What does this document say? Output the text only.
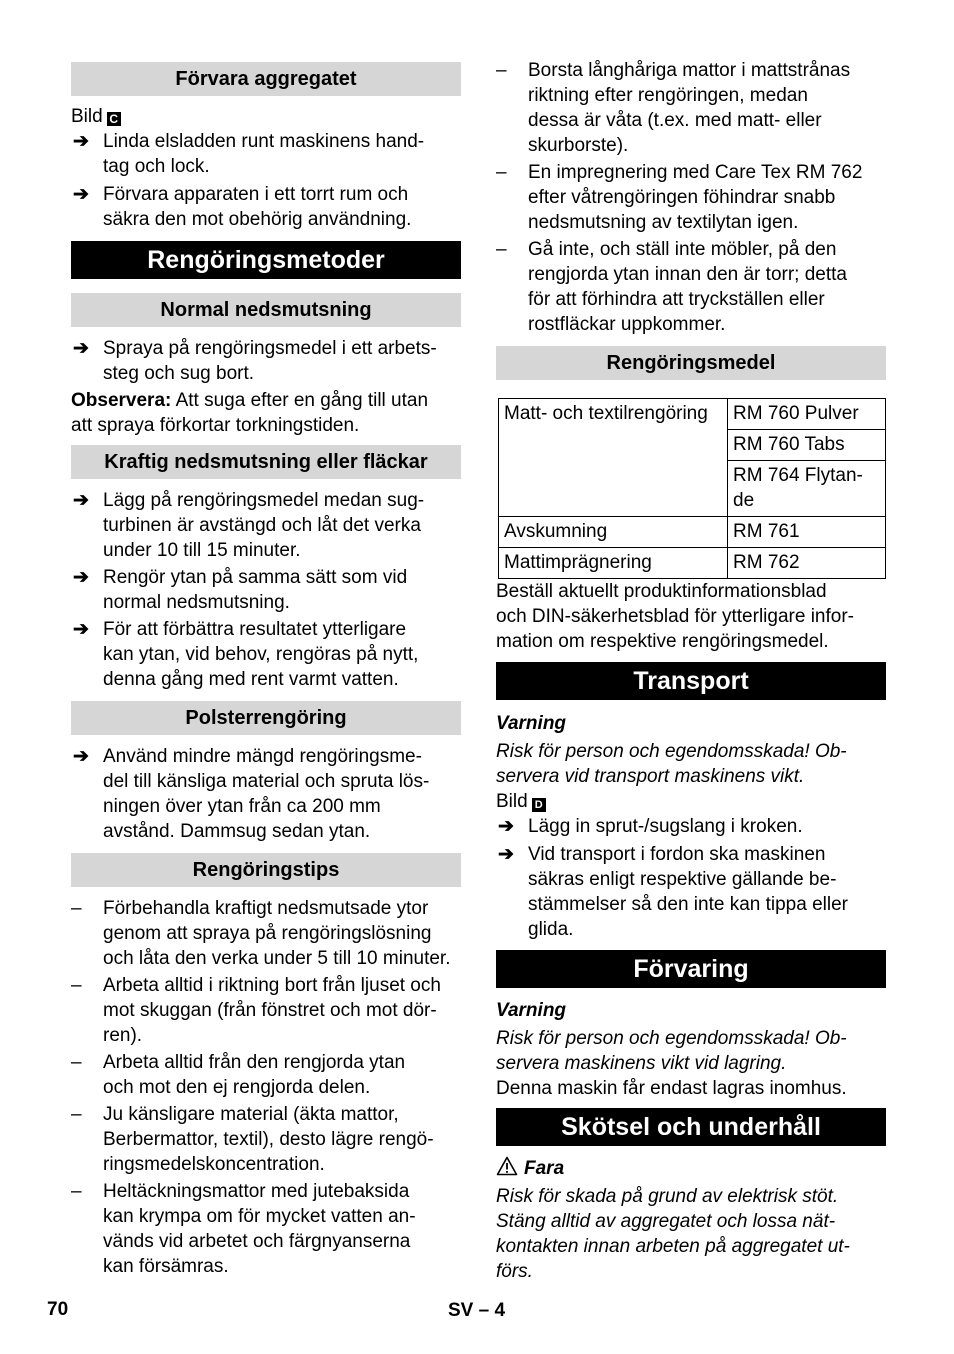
Förvara aggregatet

Bild C

➔ Linda elsladden runt maskinens hand-
tag och lock.
➔ Förvara apparaten i ett torrt rum och
säkra den mot obehörig användning.
Rengöringsmetoder
Normal nedsmutsning
➔ Spraya på rengöringsmedel i ett arbets-
steg och sug bort.

Observera: Att suga efter en gång till utan
att spraya förkortar torkningstiden.

Kraftig nedsmutsning eller fläckar
➔ Lägg på rengöringsmedel medan sug-
turbinen är avstängd och låt det verka
under 10 till 15 minuter.
➔ Rengör ytan på samma sätt som vid
normal nedsmutsning.
➔ För att förbättra resultatet ytterligare
kan ytan, vid behov, rengöras på nytt,
denna gång med rent varmt vatten.
Polsterrengöring
➔ Använd mindre mängd rengöringsme-
del till känsliga material och spruta lös-
ningen över ytan från ca 200 mm
avstånd. Dammsug sedan ytan.
Rengöringstips
– Förbehandla kraftigt nedsmutsade ytor
genom att spraya på rengöringslösning
och låta den verka under 5 till 10 minuter.
– Arbeta alltid i riktning bort från ljuset och
mot skuggan (från fönstret och mot dör-
ren).
– Arbeta alltid från den rengjorda ytan
och mot den ej rengjorda delen.
– Ju känsligare material (äkta mattor,
Berbermattor, textil), desto lägre rengö-
ringsmedelskoncentration.
– Heltäckningsmattor med jutebaksida
kan krympa om för mycket vatten an-
vänds vid arbetet och färgnyanserna
kan försämras.
– Borsta långhåriga mattor i mattstrånas
riktning efter rengöringen, medan
dessa är våta (t.ex. med matt- eller
skurborste).
– En impregnering med Care Tex RM 762
efter våtrengöringen föhindrar snabb
nedsmutsning av textilytan igen.
– Gå inte, och ställ inte möbler, på den
rengjorda ytan innan den är torr; detta
för att förhindra att tryckställen eller
rostfläckar uppkommer.
Rengöringsmedel
Matt- och textilrengöring	RM 760 Pulver
	RM 760 Tabs
	RM 764 Flytan-
de
Avskumning	RM 761
Mattimprägnering	RM 762

Beställ aktuellt produktinformationsblad
och DIN-säkerhetsblad för ytterligare infor-
mation om respektive rengöringsmedel.

Transport

Varning

Risk för person och egendomsskada! Ob-
servera vid transport maskinens vikt.

Bild D

➔ Lägg in sprut-/sugslang i kroken.
➔ Vid transport i fordon ska maskinen
säkras enligt respektive gällande be-
stämmelser så den inte kan tippa eller
glida.
Förvaring

Varning

Risk för person och egendomsskada! Ob-
servera maskinens vikt vid lagring.

Denna maskin får endast lagras inomhus.

Skötsel och underhåll

Fara

Risk för skada på grund av elektrisk stöt.
Stäng alltid av aggregatet och lossa nät-
kontakten innan arbeten på aggregatet ut-
förs.

70	SV – 4
